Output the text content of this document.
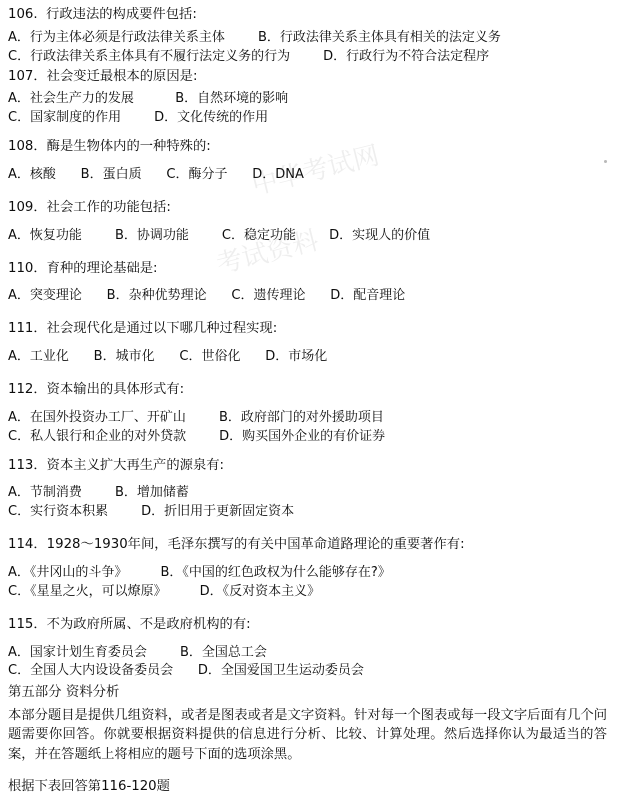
中华考试网
考试资料
106.  行政违法的构成要件包括:
A．行为主体必须是行政法律关系主体        B．行政法律关系主体具有相关的法定义务
C．行政法律关系主体具有不履行法定义务的行为        D．行政行为不符合法定程序
107．社会变迁最根本的原因是:
A．社会生产力的发展          B．自然环境的影响
C．国家制度的作用        D．文化传统的作用
108．酶是生物体内的一种特殊的:
A．核酸      B．蛋白质      C．酶分子      D．DNA
109．社会工作的功能包括:
A．恢复功能        B．协调功能        C．稳定功能        D．实现人的价值
110．育种的理论基础是:
A．突变理论      B．杂种优势理论      C．遗传理论      D．配音理论
111．社会现代化是通过以下哪几种过程实现:
A．工业化      B．城市化      C．世俗化      D．市场化
112．资本输出的具体形式有:
A．在国外投资办工厂、开矿山        B．政府部门的对外援助项目
C．私人银行和企业的对外贷款        D．购买国外企业的有价证券
113．资本主义扩大再生产的源泉有:
A．节制消费        B．增加储蓄
C．实行资本积累        D．折旧用于更新固定资本
114．1928～1930年间，毛泽东撰写的有关中国革命道路理论的重要著作有:
A．《井冈山的斗争》        B．《中国的红色政权为什么能够存在?》
C．《星星之火，可以燎原》        D．《反对资本主义》
115．不为政府所属、不是政府机构的有:
A．国家计划生育委员会        B．全国总工会
C．全国人大内设设备委员会      D．全国爱国卫生运动委员会
第五部分 资料分析
本部分题目是提供几组资料，或者是图表或者是文字资料。针对每一个图表或每一段文字后面有几个问题需要你回答。你就要根据资料提供的信息进行分析、比较、计算处理。然后选择你认为最适当的答案，并在答题纸上将相应的题号下面的选项涂黑。
根据下表回答第116-120题
